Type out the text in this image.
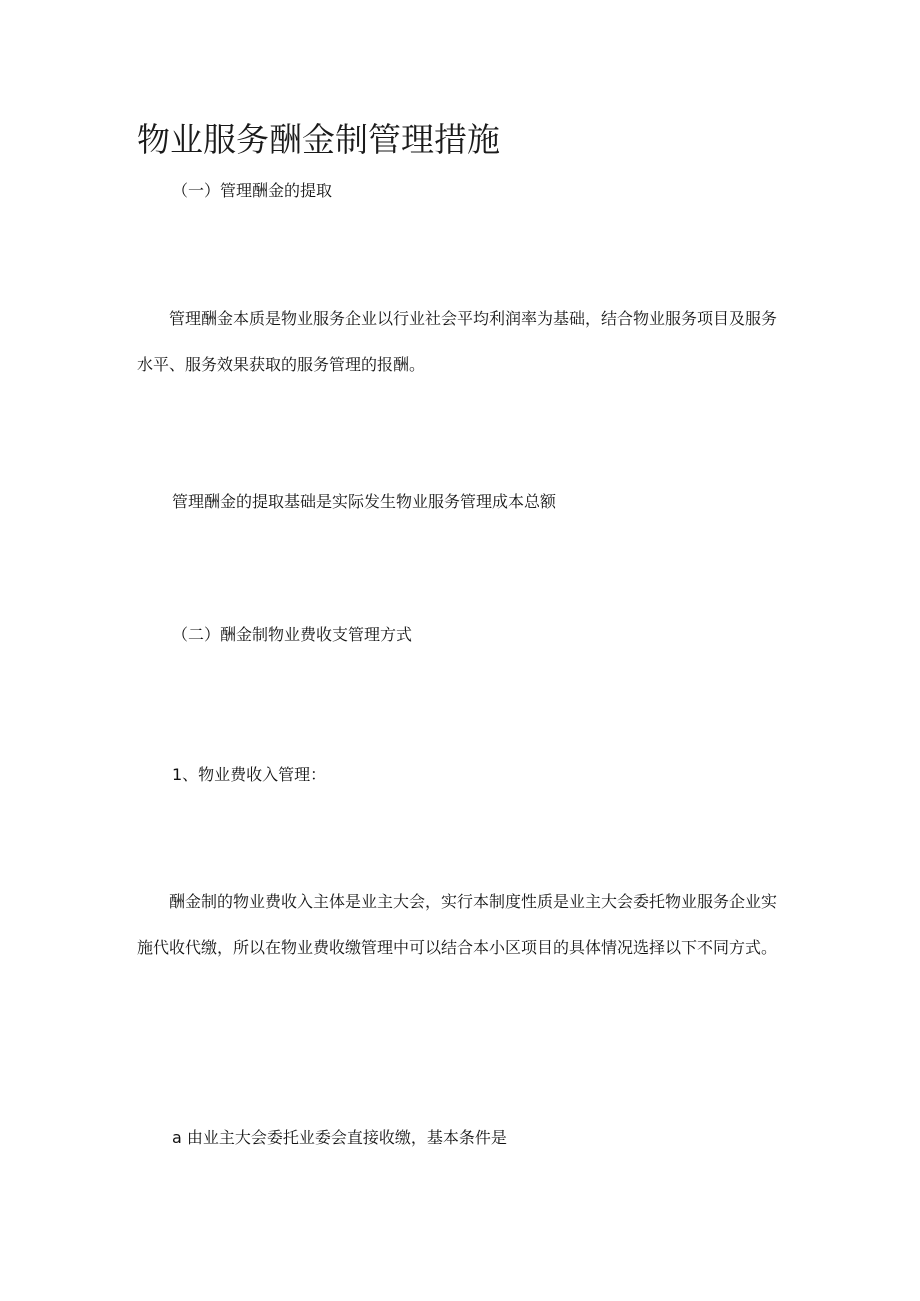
物业服务酬金制管理措施
（一）管理酬金的提取

管理酬金本质是物业服务企业以行业社会平均利润率为基础，结合物业服务项目及服务水平、服务效果获取的服务管理的报酬。

管理酬金的提取基础是实际发生物业服务管理成本总额
（二）酬金制物业费收支管理方式
1、物业费收入管理：

酬金制的物业费收入主体是业主大会，实行本制度性质是业主大会委托物业服务企业实施代收代缴，所以在物业费收缴管理中可以结合本小区项目的具体情况选择以下不同方式。

a 由业主大会委托业委会直接收缴，基本条件是
